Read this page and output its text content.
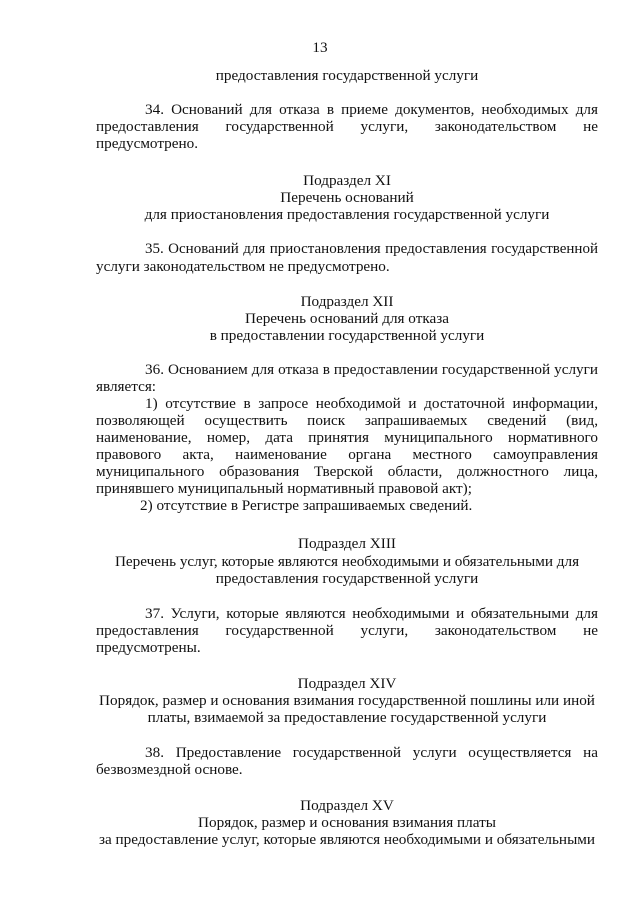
13
предоставления государственной услуги
34. Оснований для отказа в приеме документов, необходимых для
предоставления государственной услуги, законодательством не
предусмотрено.
Подраздел XI
Перечень оснований
для приостановления предоставления государственной услуги
35. Оснований для приостановления предоставления государственной
услуги законодательством не предусмотрено.
Подраздел XII
Перечень оснований для отказа
в предоставлении государственной услуги
36. Основанием для отказа в предоставлении государственной услуги
является:
1) отсутствие в запросе необходимой и достаточной информации,
позволяющей осуществить поиск запрашиваемых сведений (вид,
наименование, номер, дата принятия муниципального нормативного
правового акта, наименование органа местного самоуправления
муниципального образования Тверской области, должностного лица,
принявшего муниципальный нормативный правовой акт);
2) отсутствие в Регистре запрашиваемых сведений.
Подраздел XIII
Перечень услуг, которые являются необходимыми и обязательными для
предоставления государственной услуги
37. Услуги, которые являются необходимыми и обязательными для
предоставления государственной услуги, законодательством не
предусмотрены.
Подраздел XIV
Порядок, размер и основания взимания государственной пошлины или иной
платы, взимаемой за предоставление государственной услуги
38. Предоставление государственной услуги осуществляется на
безвозмездной основе.
Подраздел XV
Порядок, размер и основания взимания платы
за предоставление услуг, которые являются необходимыми и обязательными
